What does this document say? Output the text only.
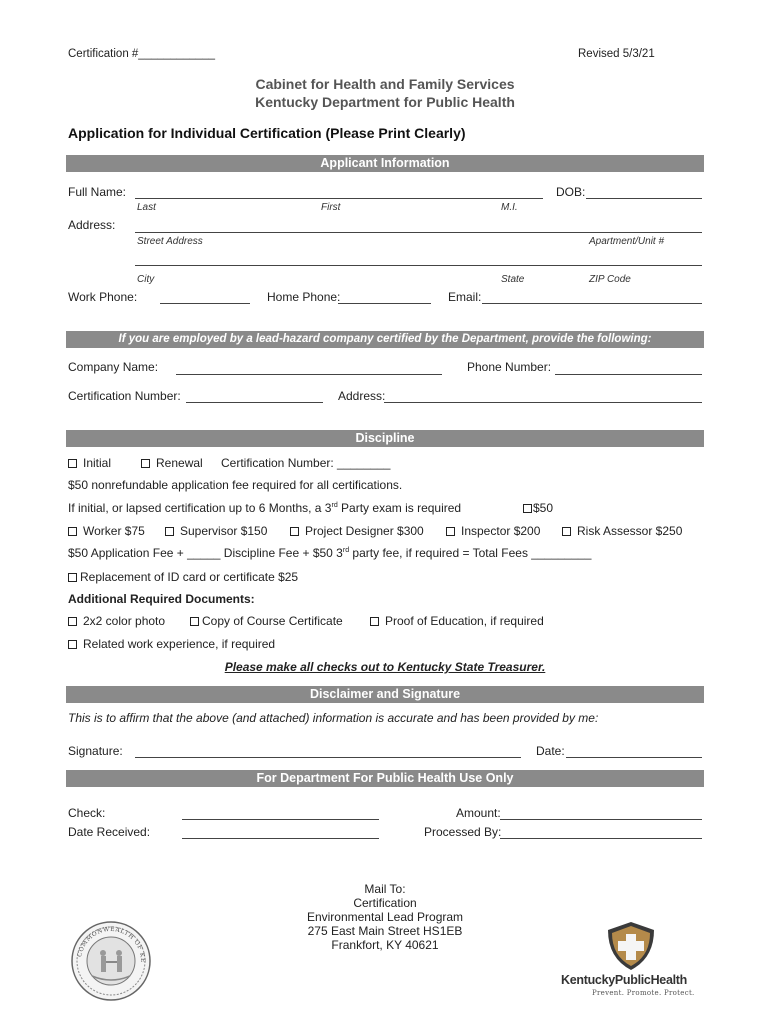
Certification #____________	Revised 5/3/21
Cabinet for Health and Family Services
Kentucky Department for Public Health
Application for Individual Certification (Please Print Clearly)
Applicant Information
Full Name:	DOB:
Last	First	M.I.
Address:
Street Address	Apartment/Unit #
City	State	ZIP Code
Work Phone:	Home Phone:	Email:
If you are employed by a lead-hazard company certified by the Department, provide the following:
Company Name:	Phone Number:
Certification Number:	Address:
Discipline
Initial	Renewal Certification Number: ________
$50 nonrefundable application fee required for all certifications.
If initial, or lapsed certification up to 6 Months, a 3rd Party exam is required	$50
Worker $75	Supervisor $150	Project Designer $300	Inspector $200	Risk Assessor $250
$50 Application Fee + _____ Discipline Fee + $50 3rd party fee, if required = Total Fees _________
Replacement of ID card or certificate $25
Additional Required Documents:
2x2 color photo	Copy of Course Certificate	Proof of Education, if required
Related work experience, if required
Please make all checks out to Kentucky State Treasurer.
Disclaimer and Signature
This is to affirm that the above (and attached) information is accurate and has been provided by me:
Signature:	Date:
For Department For Public Health Use Only
Check:	Amount:
Date Received:	Processed By:
Mail To:
Certification
Environmental Lead Program
275 East Main Street HS1EB
Frankfort, KY 40621
COMMONWEALTH OF KE
KentuckyPublicHealth
Prevent. Promote. Protect.
